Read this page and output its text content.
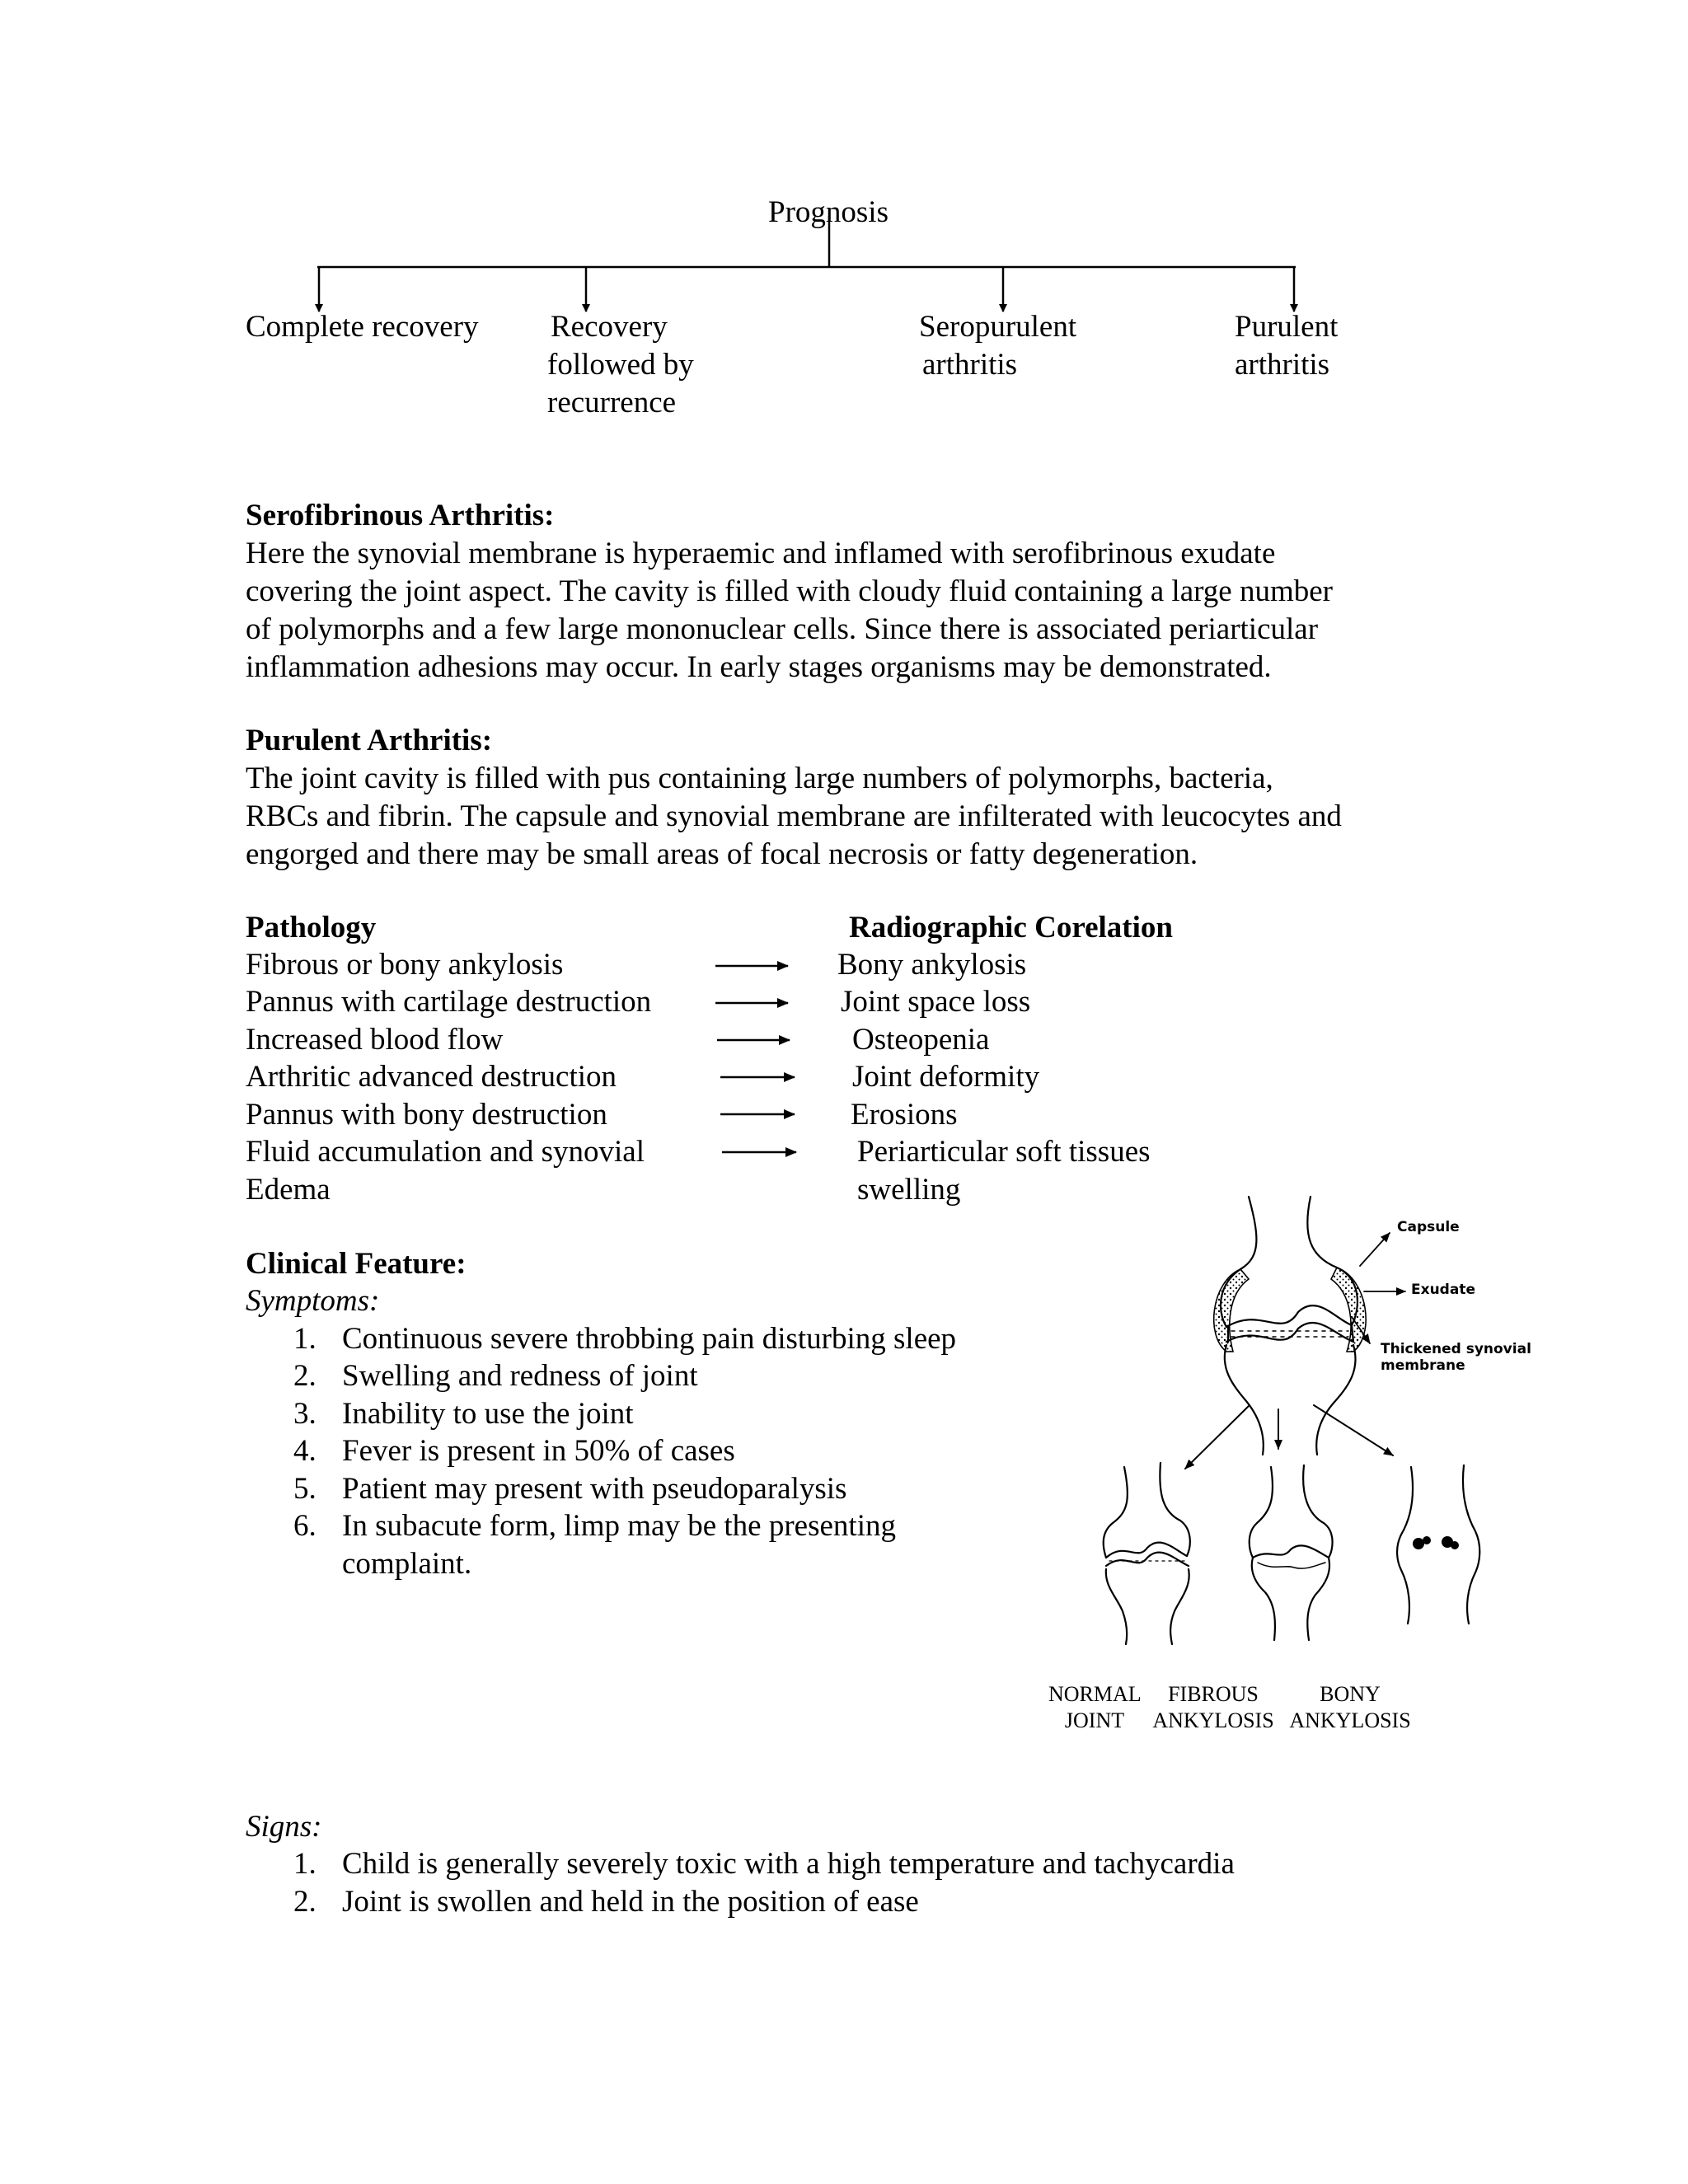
Prognosis
Complete recovery Recovery
followed by
recurrence
Seropurulent
arthritis
Purulent
arthritis
Serofibrinous Arthritis:
Here the synovial membrane is hyperaemic and inflamed with serofibrinous exudate
covering the joint aspect. The cavity is filled with cloudy fluid containing a large number
of polymorphs and a few large mononuclear cells. Since there is associated periarticular
inflammation adhesions may occur. In early stages organisms may be demonstrated.
Purulent Arthritis:
The joint cavity is filled with pus containing large numbers of polymorphs, bacteria,
RBCs and fibrin. The capsule and synovial membrane are infilterated with leucocytes and
engorged and there may be small areas of focal necrosis or fatty degeneration.
Pathology	Radiographic Corelation
Fibrous or bony ankylosis
Pannus with cartilage destruction
Increased blood flow
Arthritic advanced destruction
Pannus with bony destruction
Fluid accumulation and synovial
Edema
Bony ankylosis
Joint space loss
Osteopenia
Joint deformity
Erosions
Periarticular soft tissues
swelling
Clinical Feature:
Symptoms:
1. Continuous severe throbbing pain disturbing sleep
2. Swelling and redness of joint
3. Inability to use the joint
4. Fever is present in 50% of cases
5. Patient may present with pseudoparalysis
6. In subacute form, limp may be the presenting
complaint.
Signs:
1. Child is generally severely toxic with a high temperature and tachycardia
2. Joint is swollen and held in the position of ease
Capsule
Exudate
Thickened synovial
membrane
NORMAL
JOINT
FIBROUS
ANKYLOSIS
BONY
ANKYLOSIS
